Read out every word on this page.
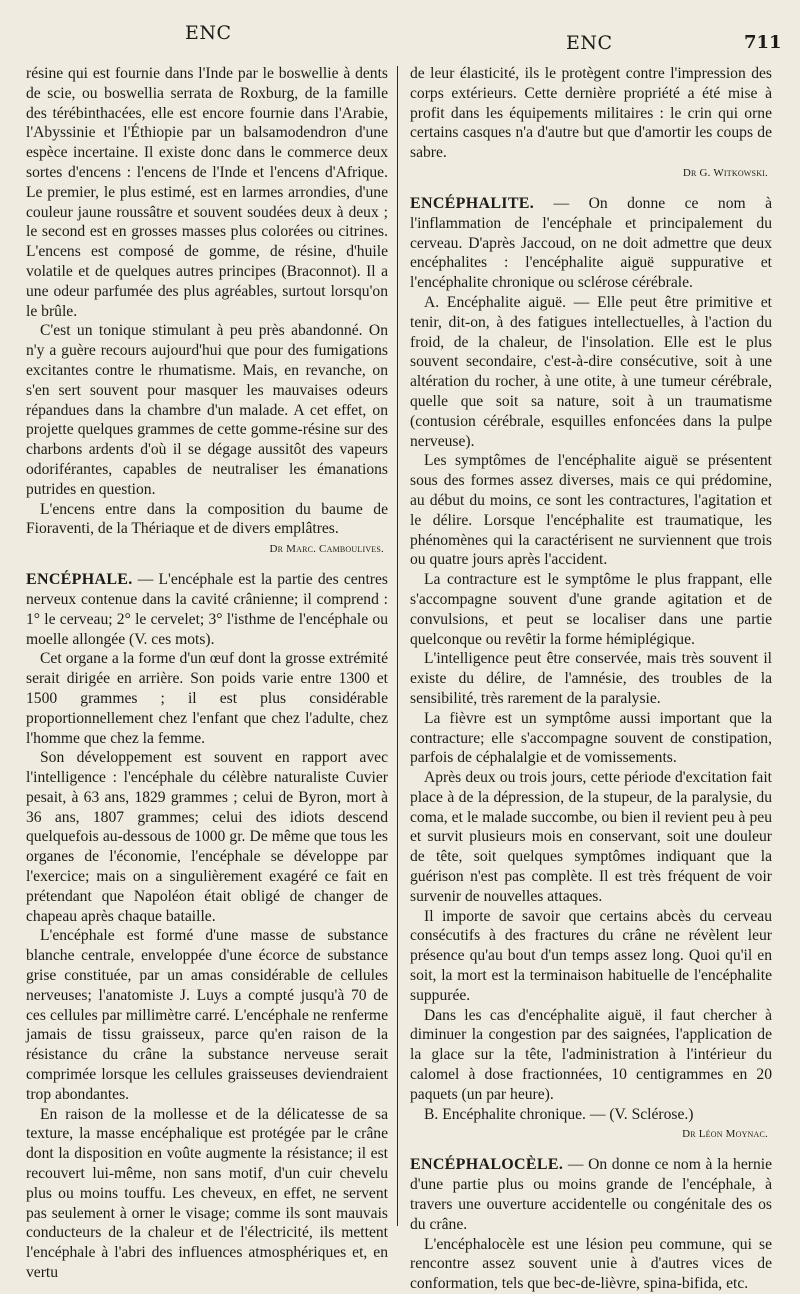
ENC	ENC	711

résine qui est fournie dans l'Inde par le boswellie à dents de scie, ou boswellia serrata de Roxburg, de la famille des térébinthacées, elle est encore fournie dans l'Arabie, l'Abyssinie et l'Éthiopie par un balsamodendron d'une espèce incertaine. Il existe donc dans le commerce deux sortes d'encens : l'encens de l'Inde et l'encens d'Afrique. Le premier, le plus estimé, est en larmes arrondies, d'une couleur jaune roussâtre et souvent soudées deux à deux ; le second est en grosses masses plus colorées ou citrines. L'encens est composé de gomme, de résine, d'huile volatile et de quelques autres principes (Braconnot). Il a une odeur parfumée des plus agréables, surtout lorsqu'on le brûle.

C'est un tonique stimulant à peu près abandonné. On n'y a guère recours aujourd'hui que pour des fumigations excitantes contre le rhumatisme. Mais, en revanche, on s'en sert souvent pour masquer les mauvaises odeurs répandues dans la chambre d'un malade. A cet effet, on projette quelques grammes de cette gomme-résine sur des charbons ardents d'où il se dégage aussitôt des vapeurs odoriférantes, capables de neutraliser les émanations putrides en question.

L'encens entre dans la composition du baume de Fioraventi, de la Thériaque et de divers emplâtres.

Dr Marc. Camboulives.

ENCÉPHALE. — L'encéphale est la partie des centres nerveux contenue dans la cavité crânienne; il comprend : 1° le cerveau; 2° le cervelet; 3° l'isthme de l'encéphale ou moelle allongée (V. ces mots).

Cet organe a la forme d'un œuf dont la grosse extrémité serait dirigée en arrière. Son poids varie entre 1300 et 1500 grammes ; il est plus considérable proportionnellement chez l'enfant que chez l'adulte, chez l'homme que chez la femme.

Son développement est souvent en rapport avec l'intelligence : l'encéphale du célèbre naturaliste Cuvier pesait, à 63 ans, 1829 grammes ; celui de Byron, mort à 36 ans, 1807 grammes; celui des idiots descend quelquefois au-dessous de 1000 gr. De même que tous les organes de l'économie, l'encéphale se développe par l'exercice; mais on a singulièrement exagéré ce fait en prétendant que Napoléon était obligé de changer de chapeau après chaque bataille.

L'encéphale est formé d'une masse de substance blanche centrale, enveloppée d'une écorce de substance grise constituée, par un amas considérable de cellules nerveuses; l'anatomiste J. Luys a compté jusqu'à 70 de ces cellules par millimètre carré. L'encéphale ne renferme jamais de tissu graisseux, parce qu'en raison de la résistance du crâne la substance nerveuse serait comprimée lorsque les cellules graisseuses deviendraient trop abondantes.

En raison de la mollesse et de la délicatesse de sa texture, la masse encéphalique est protégée par le crâne dont la disposition en voûte augmente la résistance; il est recouvert lui-même, non sans motif, d'un cuir chevelu plus ou moins touffu. Les cheveux, en effet, ne servent pas seulement à orner le visage; comme ils sont mauvais conducteurs de la chaleur et de l'électricité, ils mettent l'encéphale à l'abri des influences atmosphériques et, en vertu

de leur élasticité, ils le protègent contre l'impression des corps extérieurs. Cette dernière propriété a été mise à profit dans les équipements militaires : le crin qui orne certains casques n'a d'autre but que d'amortir les coups de sabre.

Dr G. Witkowski.

ENCÉPHALITE. — On donne ce nom à l'inflammation de l'encéphale et principalement du cerveau. D'après Jaccoud, on ne doit admettre que deux encéphalites : l'encéphalite aiguë suppurative et l'encéphalite chronique ou sclérose cérébrale.

A. Encéphalite aiguë. — Elle peut être primitive et tenir, dit-on, à des fatigues intellectuelles, à l'action du froid, de la chaleur, de l'insolation. Elle est le plus souvent secondaire, c'est-à-dire consécutive, soit à une altération du rocher, à une otite, à une tumeur cérébrale, quelle que soit sa nature, soit à un traumatisme (contusion cérébrale, esquilles enfoncées dans la pulpe nerveuse).

Les symptômes de l'encéphalite aiguë se présentent sous des formes assez diverses, mais ce qui prédomine, au début du moins, ce sont les contractures, l'agitation et le délire. Lorsque l'encéphalite est traumatique, les phénomènes qui la caractérisent ne surviennent que trois ou quatre jours après l'accident.

La contracture est le symptôme le plus frappant, elle s'accompagne souvent d'une grande agitation et de convulsions, et peut se localiser dans une partie quelconque ou revêtir la forme hémiplégique.

L'intelligence peut être conservée, mais très souvent il existe du délire, de l'amnésie, des troubles de la sensibilité, très rarement de la paralysie.

La fièvre est un symptôme aussi important que la contracture; elle s'accompagne souvent de constipation, parfois de céphalalgie et de vomissements.

Après deux ou trois jours, cette période d'excitation fait place à de la dépression, de la stupeur, de la paralysie, du coma, et le malade succombe, ou bien il revient peu à peu et survit plusieurs mois en conservant, soit une douleur de tête, soit quelques symptômes indiquant que la guérison n'est pas complète. Il est très fréquent de voir survenir de nouvelles attaques.

Il importe de savoir que certains abcès du cerveau consécutifs à des fractures du crâne ne révèlent leur présence qu'au bout d'un temps assez long. Quoi qu'il en soit, la mort est la terminaison habituelle de l'encéphalite suppurée.

Dans les cas d'encéphalite aiguë, il faut chercher à diminuer la congestion par des saignées, l'application de la glace sur la tête, l'administration à l'intérieur du calomel à dose fractionnées, 10 centigrammes en 20 paquets (un par heure).

B. Encéphalite chronique. — (V. Sclérose.)

Dr Léon Moynac.

ENCÉPHALOCÈLE. — On donne ce nom à la hernie d'une partie plus ou moins grande de l'encéphale, à travers une ouverture accidentelle ou congénitale des os du crâne.

L'encéphalocèle est une lésion peu commune, qui se rencontre assez souvent unie à d'autres vices de conformation, tels que bec-de-lièvre, spina-bifida, etc.
